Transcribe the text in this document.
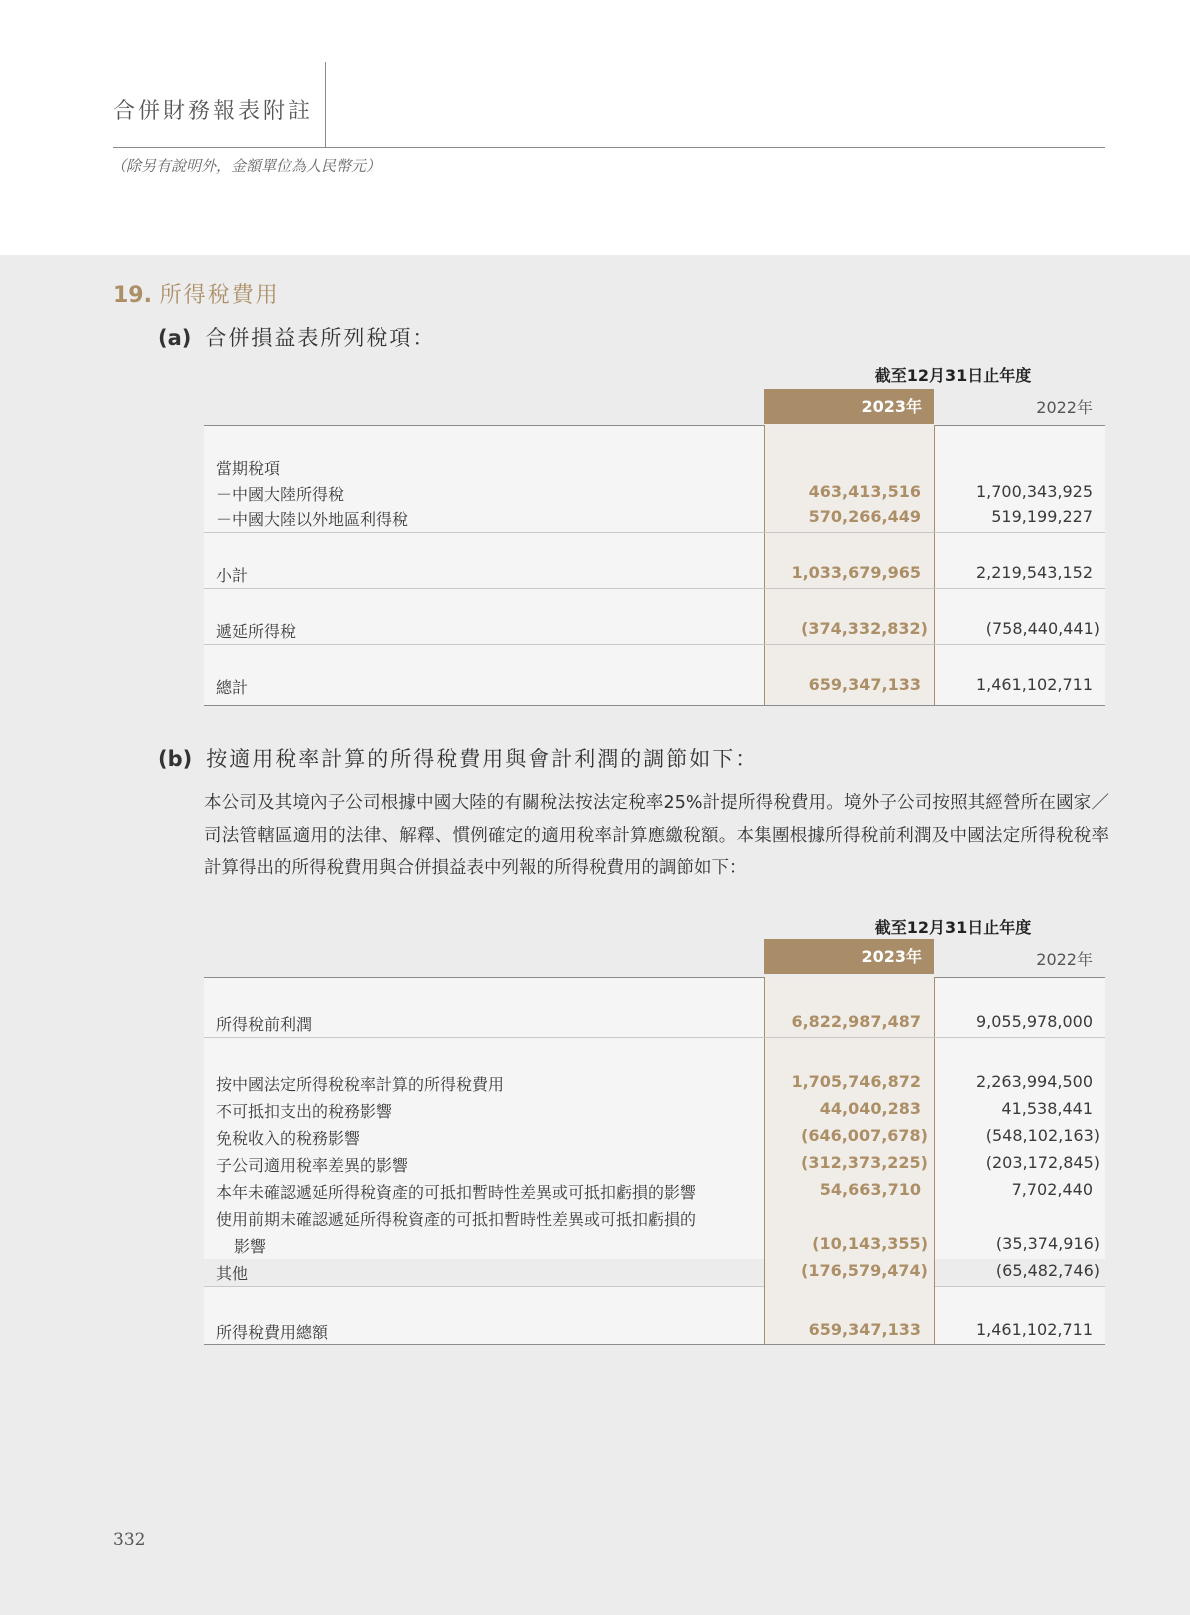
合併財務報表附註
（除另有說明外，金額單位為人民幣元）
19. 所得稅費用
(a) 合併損益表所列稅項：
截至12月31日止年度
2023年	2022年
當期稅項
－中國大陸所得稅	463,413,516	1,700,343,925
－中國大陸以外地區利得稅	570,266,449	519,199,227
小計	1,033,679,965	2,219,543,152
遞延所得稅	(374,332,832)	(758,440,441)
總計	659,347,133	1,461,102,711
(b) 按適用稅率計算的所得稅費用與會計利潤的調節如下：
本公司及其境內子公司根據中國大陸的有關稅法按法定稅率25%計提所得稅費用。境外子公司按照其經營所在國家／司法管轄區適用的法律、解釋、慣例確定的適用稅率計算應繳稅額。本集團根據所得稅前利潤及中國法定所得稅稅率計算得出的所得稅費用與合併損益表中列報的所得稅費用的調節如下：
截至12月31日止年度
2023年	2022年
所得稅前利潤	6,822,987,487	9,055,978,000
按中國法定所得稅稅率計算的所得稅費用	1,705,746,872	2,263,994,500
不可抵扣支出的稅務影響	44,040,283	41,538,441
免稅收入的稅務影響	(646,007,678)	(548,102,163)
子公司適用稅率差異的影響	(312,373,225)	(203,172,845)
本年未確認遞延所得稅資產的可抵扣暫時性差異或可抵扣虧損的影響	54,663,710	7,702,440
使用前期未確認遞延所得稅資產的可抵扣暫時性差異或可抵扣虧損的
影響	(10,143,355)	(35,374,916)
其他	(176,579,474)	(65,482,746)
所得稅費用總額	659,347,133	1,461,102,711
332
